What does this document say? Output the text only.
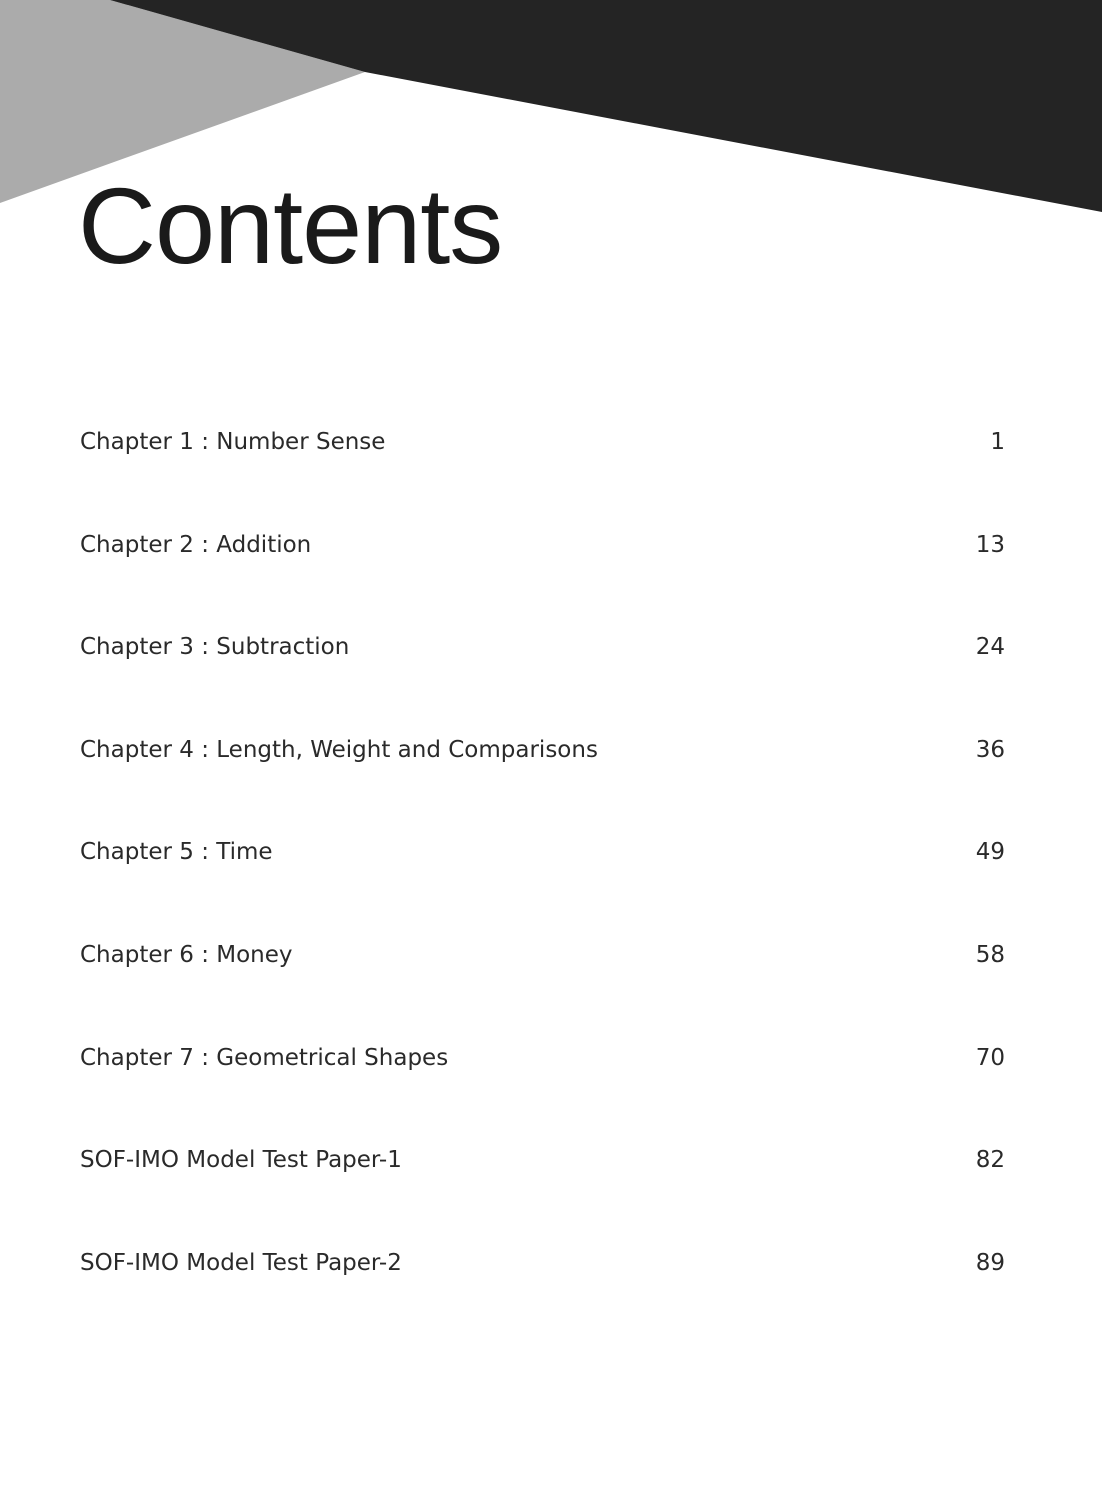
Contents
Chapter 1 : Number Sense	1
Chapter 2 : Addition	13
Chapter 3 : Subtraction	24
Chapter 4 : Length, Weight and Comparisons	36
Chapter 5 : Time	49
Chapter 6 : Money	58
Chapter 7 : Geometrical Shapes	70
SOF-IMO Model Test Paper-1	82
SOF-IMO Model Test Paper-2	89
